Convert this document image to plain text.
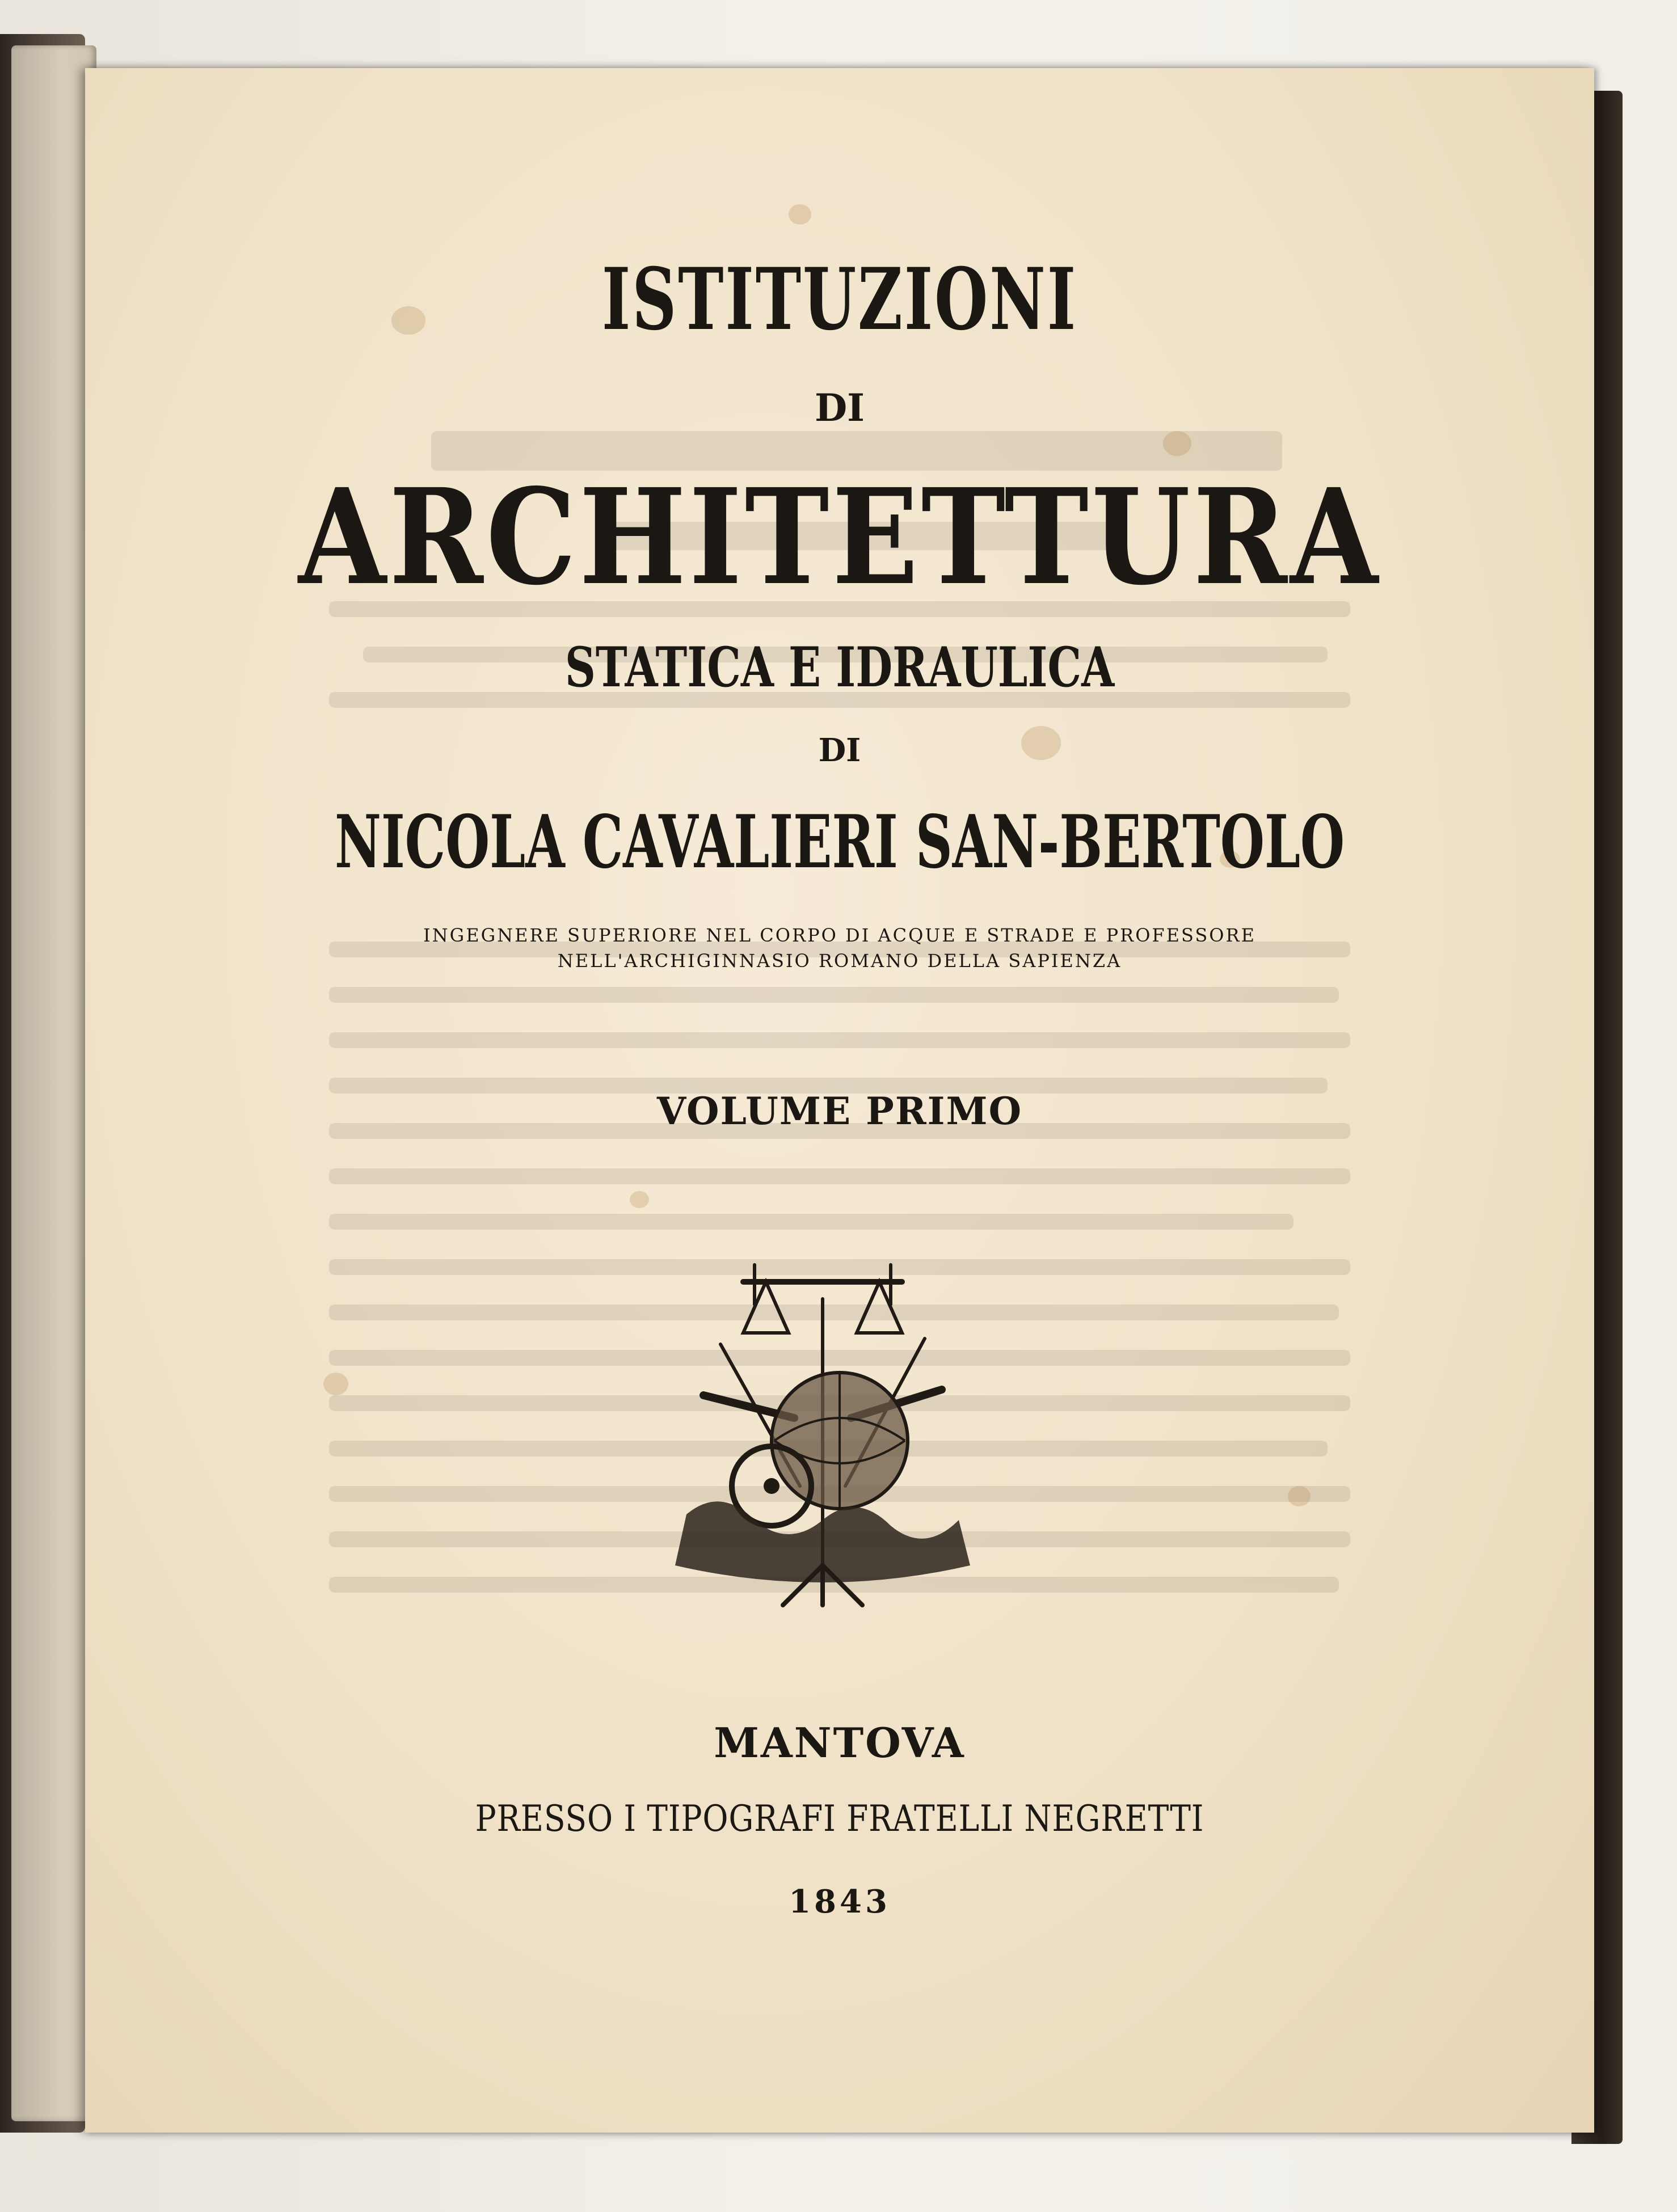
ISTITUZIONI
DI
ARCHITETTURA
STATICA E IDRAULICA
DI
NICOLA CAVALIERI SAN-BERTOLO
INGEGNERE SUPERIORE NEL CORPO DI ACQUE E STRADE E PROFESSORE
NELL'ARCHIGINNASIO ROMANO DELLA SAPIENZA
VOLUME PRIMO
MANTOVA
PRESSO I TIPOGRAFI FRATELLI NEGRETTI
1843
